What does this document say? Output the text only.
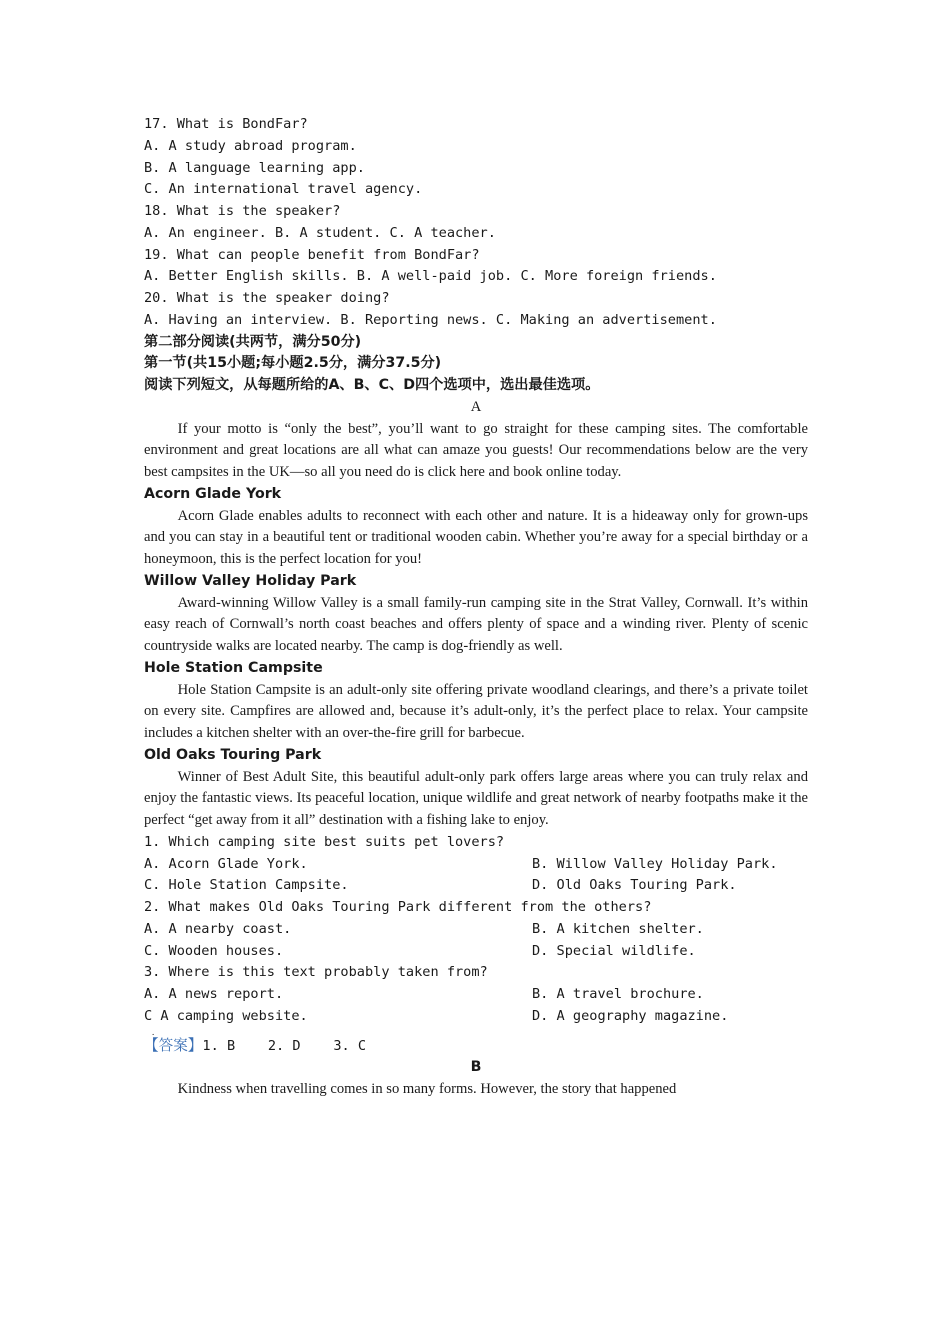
17. What is BondFar?
A. A study abroad program.
B. A language learning app.
C. An international travel agency.
18. What is the speaker?
A. An engineer. B. A student. C. A teacher.
19. What can people benefit from BondFar?
A. Better English skills. B. A well-paid job. C. More foreign friends.
20. What is the speaker doing?
A. Having an interview. B. Reporting news. C. Making an advertisement.
第二部分阅读(共两节，满分50分)
第一节(共15小题;每小题2.5分，满分37.5分)
阅读下列短文，从每题所给的A、B、C、D四个选项中，选出最佳选项。
A
If your motto is “only the best”, you’ll want to go straight for these camping sites. The comfortable environment and great locations are all what can amaze you guests! Our recommendations below are the very best campsites in the UK—so all you need do is click here and book online today.
Acorn Glade York
Acorn Glade enables adults to reconnect with each other and nature. It is a hideaway only for grown-ups and you can stay in a beautiful tent or traditional wooden cabin. Whether you’re away for a special birthday or a honeymoon, this is the perfect location for you!
Willow Valley Holiday Park
Award-winning Willow Valley is a small family-run camping site in the Strat Valley, Cornwall. It’s within easy reach of Cornwall’s north coast beaches and offers plenty of space and a winding river. Plenty of scenic countryside walks are located nearby. The camp is dog-friendly as well.
Hole Station Campsite
Hole Station Campsite is an adult-only site offering private woodland clearings, and there’s a private toilet on every site. Campfires are allowed and, because it’s adult-only, it’s the perfect place to relax. Your campsite includes a kitchen shelter with an over-the-fire grill for barbecue.
Old Oaks Touring Park
Winner of Best Adult Site, this beautiful adult-only park offers large areas where you can truly relax and enjoy the fantastic views. Its peaceful location, unique wildlife and great network of nearby footpaths make it the perfect “get away from it all” destination with a fishing lake to enjoy.
1. Which camping site best suits pet lovers?
A. Acorn Glade York.	B. Willow Valley Holiday Park.
C. Hole Station Campsite.	D. Old Oaks Touring Park.
2. What makes Old Oaks Touring Park different from the others?
A. A nearby coast.	B. A kitchen shelter.
C. Wooden houses.	D. Special wildlife.
3. Where is this text probably taken from?
A. A news report.	B. A travel brochure.
C A camping website.	D. A geography magazine.
.
【答案】1. B    2. D    3. C
B
Kindness when travelling comes in so many forms. However, the story that happened
